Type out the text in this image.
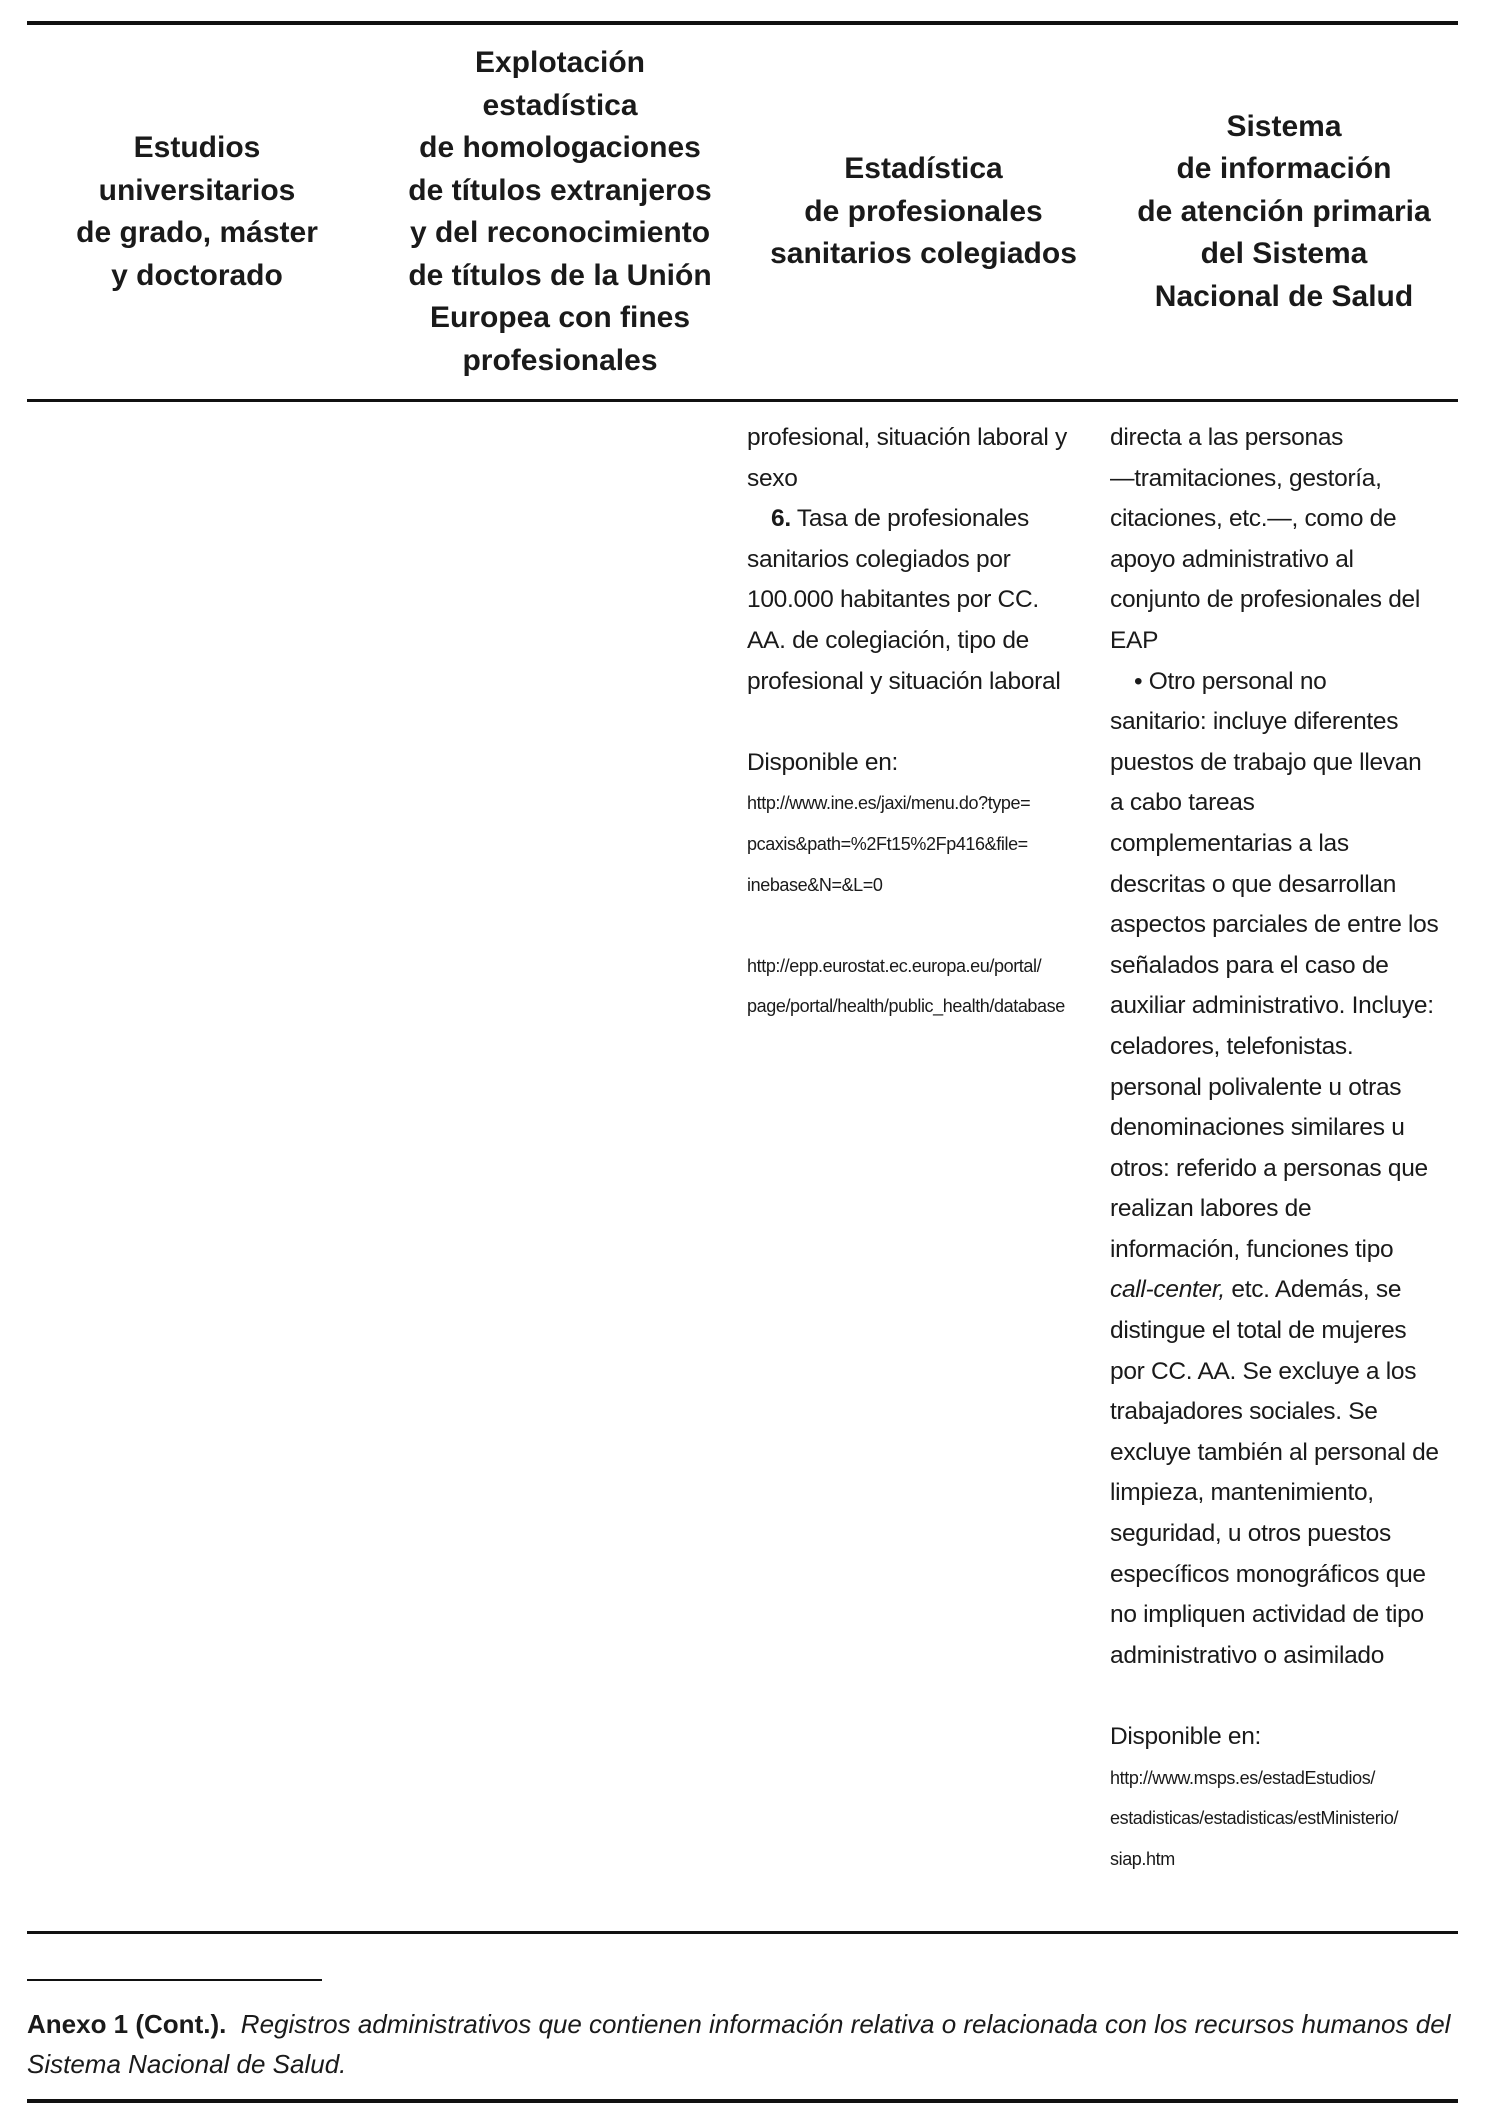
Estudios
universitarios
de grado, máster
y doctorado
Explotación
estadística
de homologaciones
de títulos extranjeros
y del reconocimiento
de títulos de la Unión
Europea con fines
profesionales
Estadística
de profesionales
sanitarios colegiados
Sistema
de información
de atención primaria
del Sistema
Nacional de Salud

profesional, situación laboral y

sexo

6. Tasa de profesionales

sanitarios colegiados por

100.000 habitantes por CC.

AA. de colegiación, tipo de

profesional y situación laboral

Disponible en:

http://www.ine.es/jaxi/menu.do?type=

pcaxis&path=%2Ft15%2Fp416&file=

inebase&N=&L=0

http://epp.eurostat.ec.europa.eu/portal/

page/portal/health/public_health/database

directa a las personas

—tramitaciones, gestoría,

citaciones, etc.—, como de

apoyo administrativo al

conjunto de profesionales del

EAP

• Otro personal no

sanitario: incluye diferentes

puestos de trabajo que llevan

a cabo tareas

complementarias a las

descritas o que desarrollan

aspectos parciales de entre los

señalados para el caso de

auxiliar administrativo. Incluye:

celadores, telefonistas.

personal polivalente u otras

denominaciones similares u

otros: referido a personas que

realizan labores de

información, funciones tipo

call-center, etc. Además, se

distingue el total de mujeres

por CC. AA. Se excluye a los

trabajadores sociales. Se

excluye también al personal de

limpieza, mantenimiento,

seguridad, u otros puestos

específicos monográficos que

no impliquen actividad de tipo

administrativo o asimilado

Disponible en:

http://www.msps.es/estadEstudios/

estadisticas/estadisticas/estMinisterio/

siap.htm

Anexo 1 (Cont.). Registros administrativos que contienen información relativa o relacionada con los recursos humanos del Sistema Nacional de Salud.
